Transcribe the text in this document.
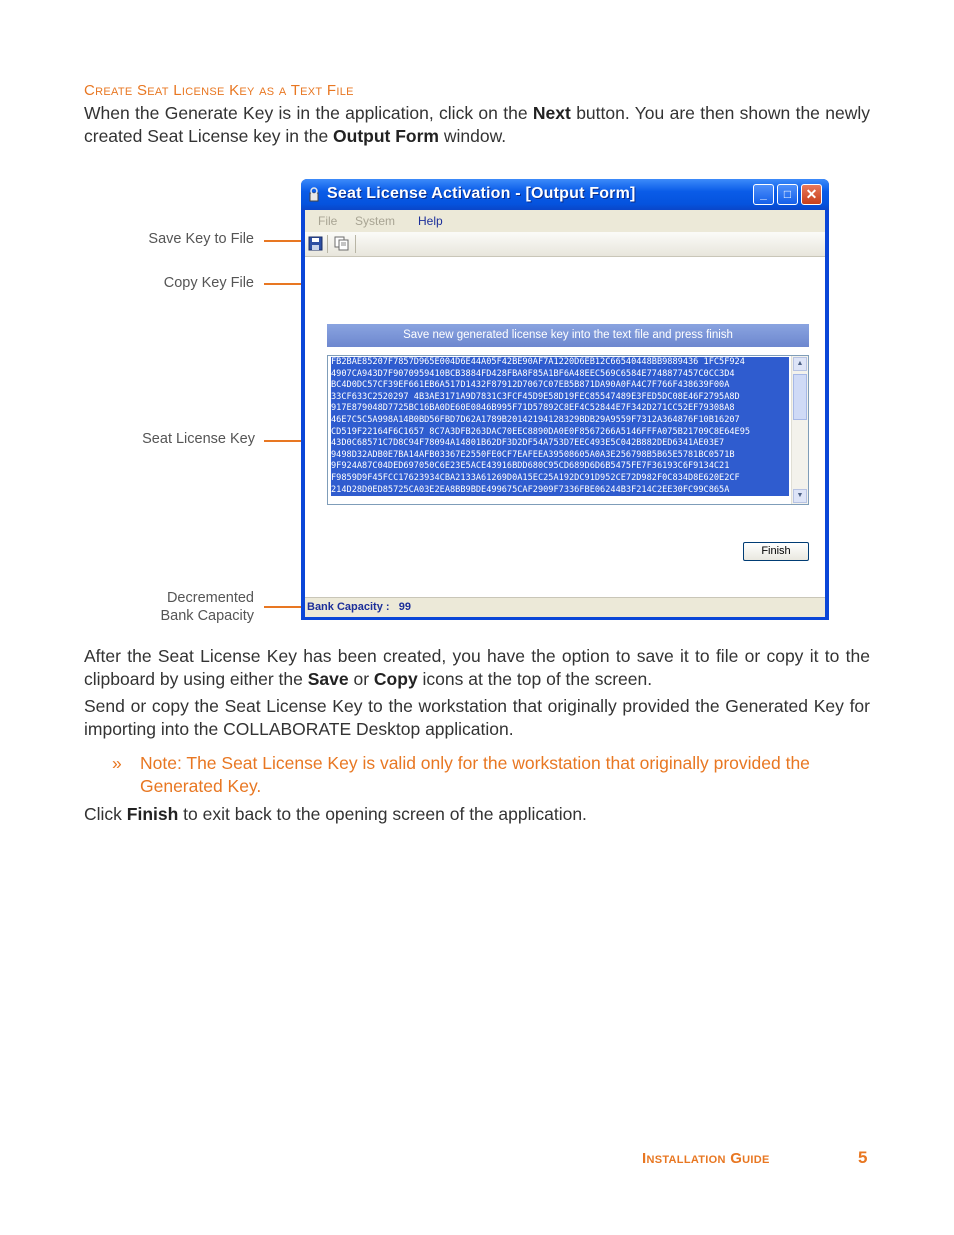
Create Seat License Key as a Text File
When the Generate Key is in the application, click on the Next button. You are then shown the newly created Seat License key in the Output Form window.
Save Key to File
Copy Key File
Seat License Key
Decremented
Bank Capacity
Seat License Activation - [Output Form]	_	□	✕
File System Help
Save new generated license key into the text file and press finish
FB2BAE85207F7857D965E004D6E44A05F42BE90AF7A1220D6EB12C66540448BB9889436 1FC5F924
4907CA943D7F9070959410BCB3884FD428FBA8F85A1BF6A48EEC569C6584E7748877457C0CC3D4
BC4D0DC57CF39EF661EB6A517D1432F87912D7067C07EB5B871DA90A0FA4C7F766F438639F00A
33CF633C2520297 4B3AE3171A9D7831C3FCF45D9E58D19FEC85547489E3FED5DC08E46F2795A8D
917E879048D7725BC16BA0DE60E0846B995F71D57892C8EF4C52844E7F342D271CC52EF79308A8
46E7C5C5A998A14B0BD56FBD7D62A1789B20142194128329BDB29A9559F7312A364876F10B16207
CD519F22164F6C1657 8C7A3DFB263DAC70EEC8890DA0E0F8567266A5146FFFA075B21709C8E64E95
43D0C68571C7D8C94F78094A14801B62DF3D2DF54A753D7EEC493E5C042B882DED6341AE03E7
9498D32ADB0E7BA14AFB03367E2550FE0CF7EAFEEA39508605A0A3E256798B5B65E5781BC0571B
9F924A87C04DED697050C6E23E5ACE43916BDD680C95CD689D6D6B5475FE7F36193C6F9134C21
F9859D9F45FCC17623934CBA2133A61269D0A15EC25A192DC91D952CE72D982F0C834D8E620E2CF
214D28D0ED85725CA03E2EA8BB9BDE499675CAF2909F7336FBE06244B3F214C2EE30FC99C865A
▲
▼
Finish
Bank Capacity :   99
After the Seat License Key has been created, you have the option to save it to file or copy it to the clipboard by using either the Save or Copy icons at the top of the screen.
Send or copy the Seat License Key to the workstation that originally provided the Generated Key for importing into the COLLABORATE Desktop application.
» Note: The Seat License Key is valid only for the workstation that originally provided the Generated Key.
Click Finish to exit back to the opening screen of the application.
Installation Guide	5
